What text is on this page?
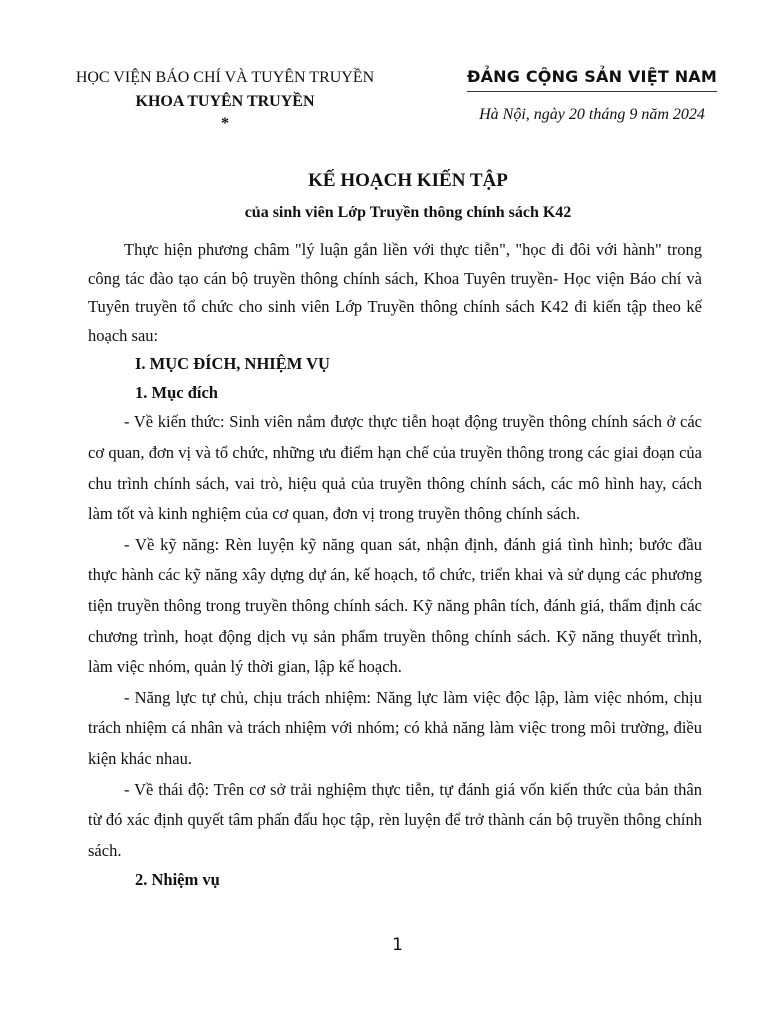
HỌC VIỆN BÁO CHÍ VÀ TUYÊN TRUYỀN
KHOA TUYÊN TRUYỀN
*
ĐẢNG CỘNG SẢN VIỆT NAM
Hà Nội, ngày 20 tháng 9 năm 2024
KẾ HOẠCH KIẾN TẬP
của sinh viên Lớp Truyền thông chính sách K42

Thực hiện phương châm "lý luận gắn liền với thực tiễn", "học đi đôi với hành" trong công tác đào tạo cán bộ truyền thông chính sách, Khoa Tuyên truyền- Học viện Báo chí và Tuyên truyền tổ chức cho sinh viên Lớp Truyền thông chính sách K42 đi kiến tập theo kế hoạch sau:

I. MỤC ĐÍCH, NHIỆM VỤ

1. Mục đích

- Về kiến thức: Sinh viên nắm được thực tiễn hoạt động truyền thông chính sách ở các cơ quan, đơn vị và tổ chức, những ưu điểm hạn chế của truyền thông trong các giai đoạn của chu trình chính sách, vai trò, hiệu quả của truyền thông chính sách, các mô hình hay, cách làm tốt và kinh nghiệm của cơ quan, đơn vị trong truyền thông chính sách.

- Về kỹ năng: Rèn luyện kỹ năng quan sát, nhận định, đánh giá tình hình; bước đầu thực hành các kỹ năng xây dựng dự án, kế hoạch, tổ chức, triển khai và sử dụng các phương tiện truyền thông trong truyền thông chính sách. Kỹ năng phân tích, đánh giá, thẩm định các chương trình, hoạt động dịch vụ sản phẩm truyền thông chính sách. Kỹ năng thuyết trình, làm việc nhóm, quản lý thời gian, lập kế hoạch.

- Năng lực tự chủ, chịu trách nhiệm: Năng lực làm việc độc lập, làm việc nhóm, chịu trách nhiệm cá nhân và trách nhiệm với nhóm; có khả năng làm việc trong môi trường, điều kiện khác nhau.

- Về thái độ: Trên cơ sở trải nghiệm thực tiễn, tự đánh giá vốn kiến thức của bản thân từ đó xác định quyết tâm phấn đấu học tập, rèn luyện để trở thành cán bộ truyền thông chính sách.

2. Nhiệm vụ

1
